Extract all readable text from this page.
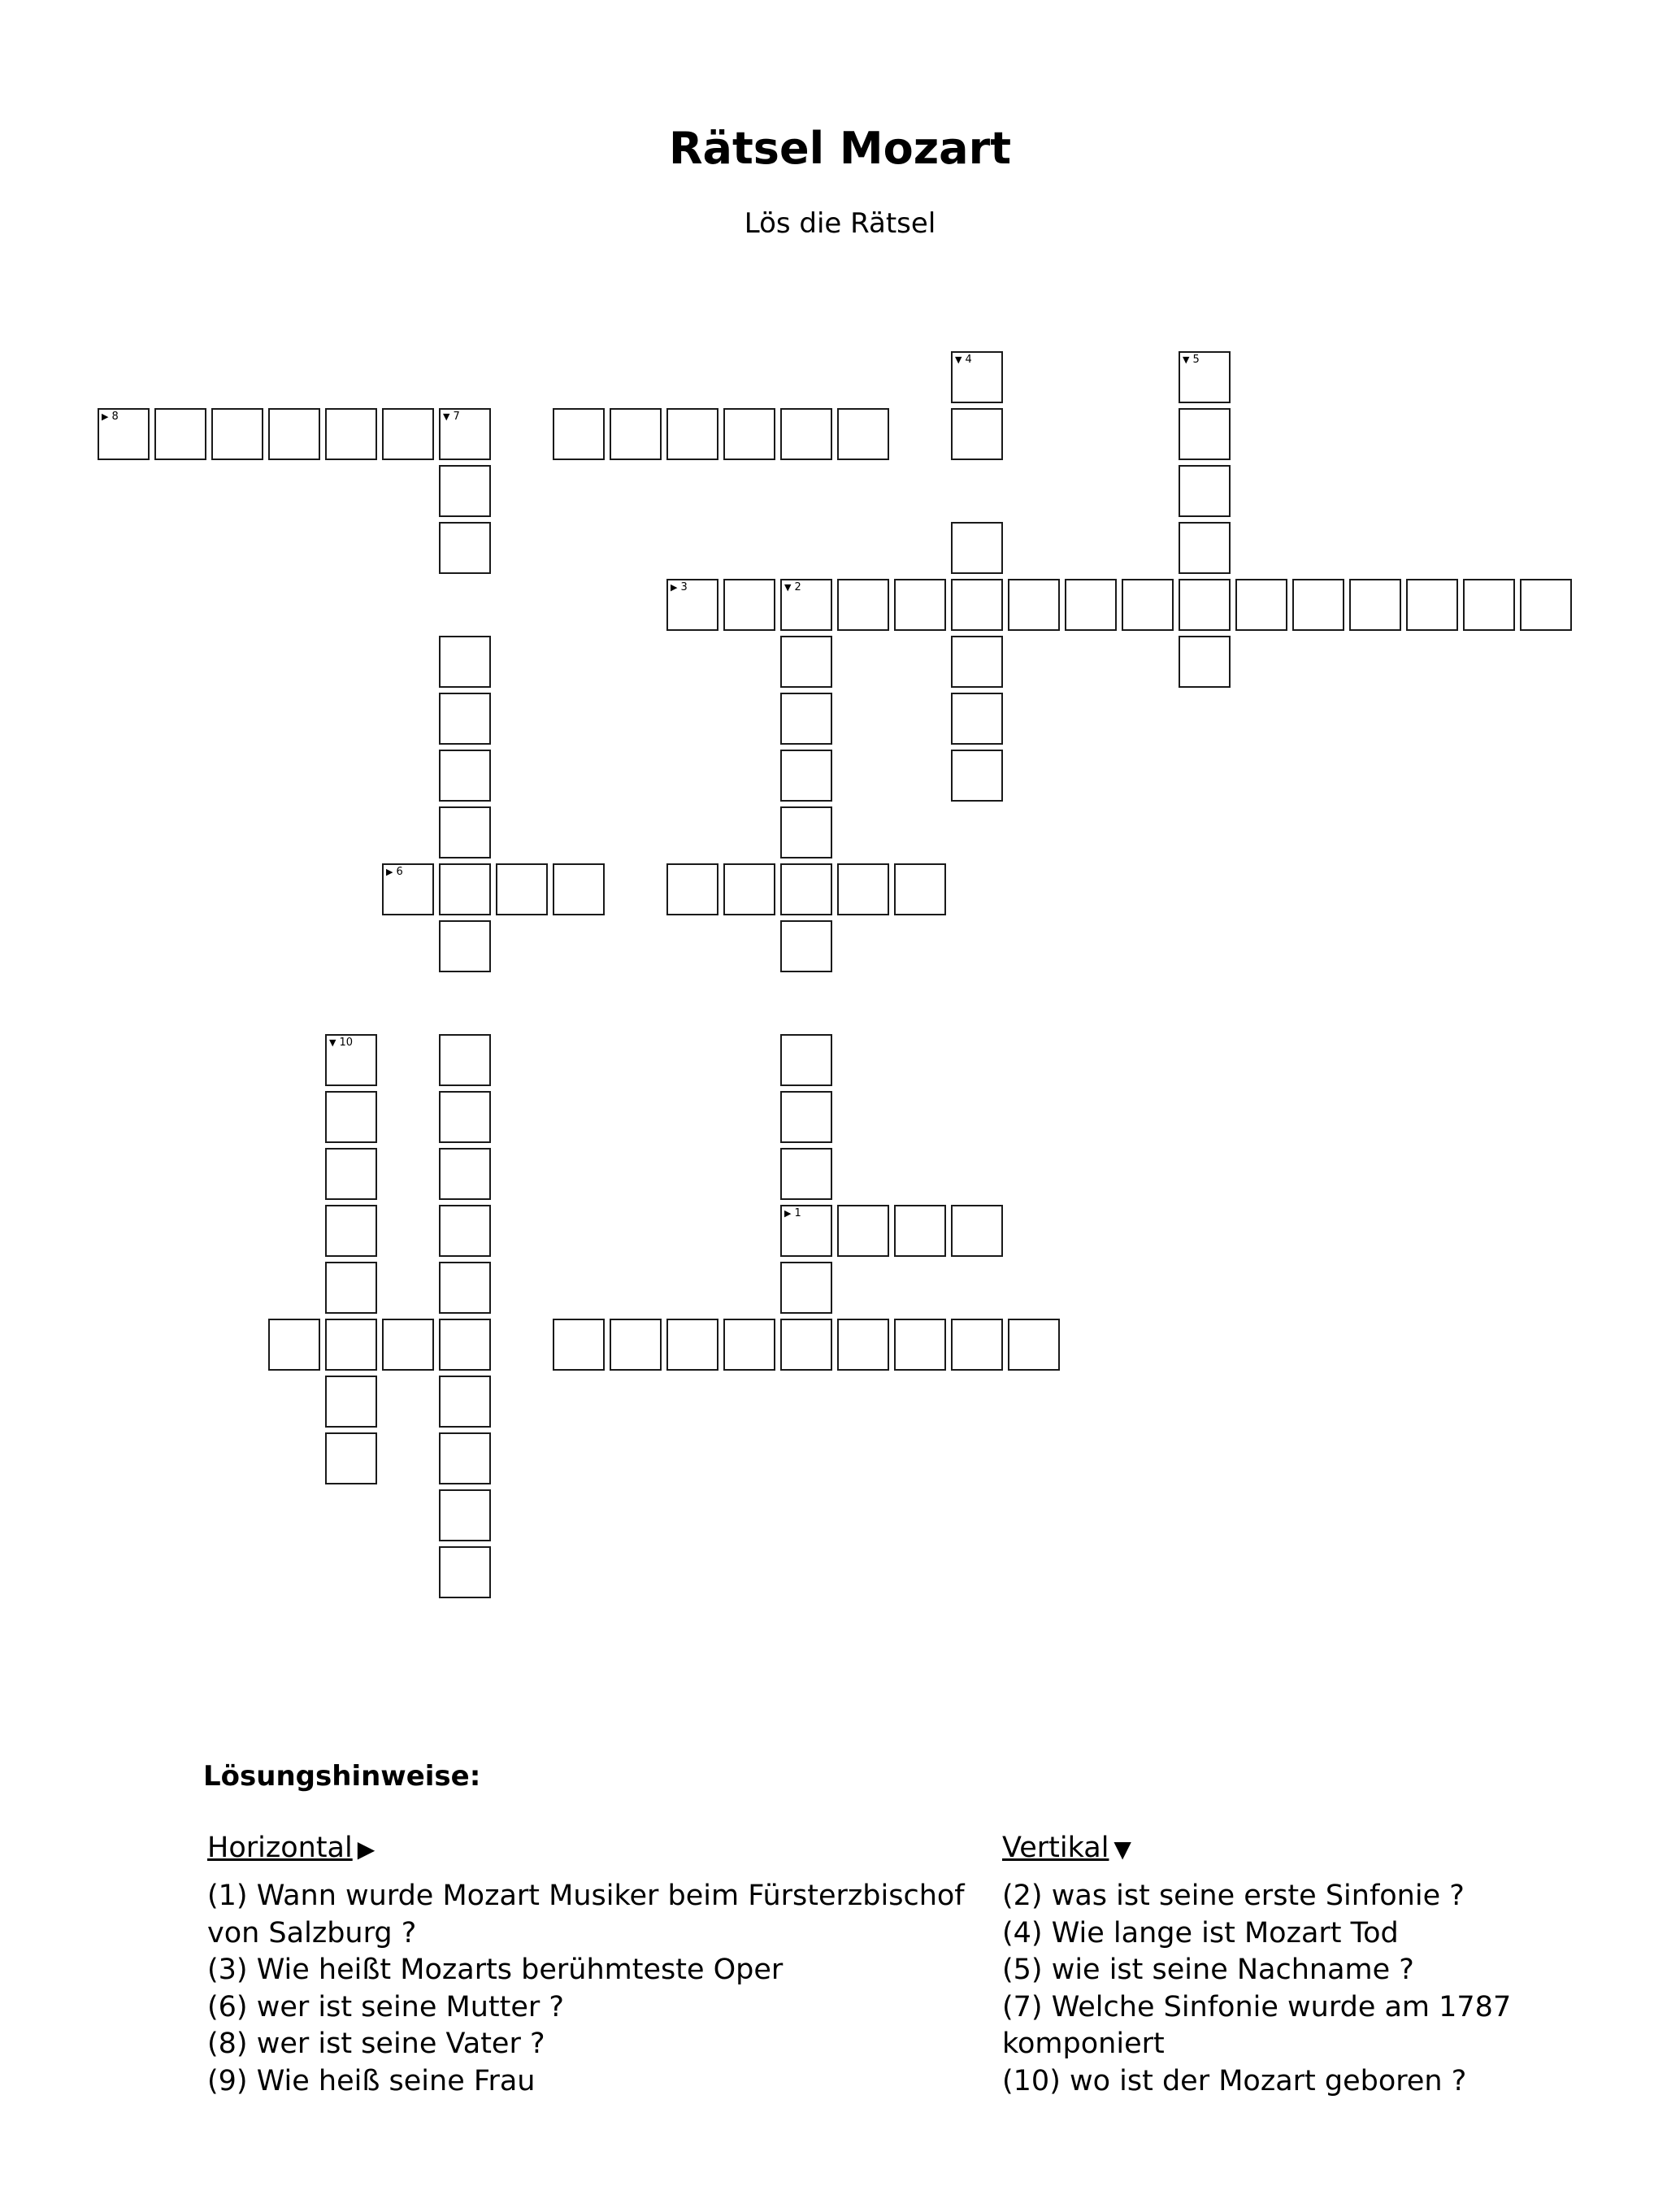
Rätsel Mozart
Lös die Rätsel
▶ 8	▼ 7
▶ 3	▼ 2
▶ 6
▶ 1
▼ 4	▼ 5
▼ 10
Lösungshinweise:
Horizontal ▶	Vertikal ▼
(1) Wann wurde Mozart Musiker beim Fürsterzbischof
von Salzburg ?
(3) Wie heißt Mozarts berühmteste Oper
(6) wer ist seine Mutter ?
(8) wer ist seine Vater ?
(9) Wie heiß seine Frau
(2) was ist seine erste Sinfonie ?
(4) Wie lange ist Mozart Tod
(5) wie ist seine Nachname ?
(7) Welche Sinfonie wurde am 1787
komponiert
(10) wo ist der Mozart geboren ?
